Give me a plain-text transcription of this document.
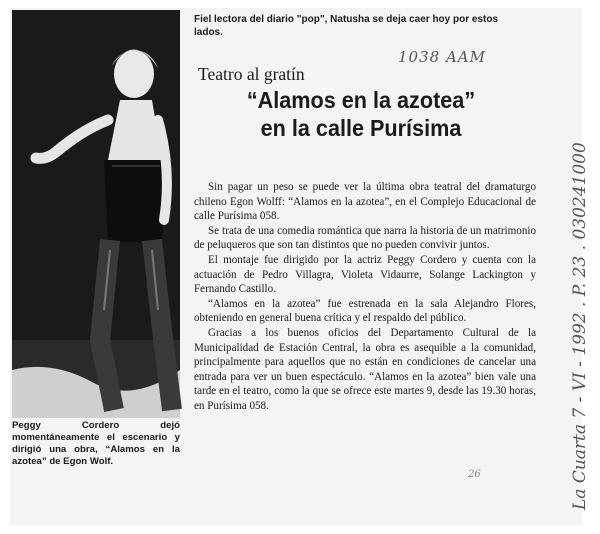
Peggy Cordero dejó momentáneamente el escenario y dirigió una obra, “Alamos en la azotea” de Egon Wolf.
Fiel lectora del diario "pop", Natusha se deja caer hoy por estos lados.
1038 AAM
La Cuarta 7 - VI - 1992 . P. 23 . 030241000
Teatro al gratín
“Alamos en la azotea”
en la calle Purísima

Sin pagar un peso se puede ver la última obra teatral del dramaturgo chileno Egon Wolff: “Alamos en la azotea”, en el Complejo Educacional de calle Purísima 058.

Se trata de una comedia romántica que narra la historia de un matrimonio de peluqueros que son tan distintos que no pueden convivir juntos.

El montaje fue dirigido por la actriz Peggy Cordero y cuenta con la actuación de Pedro Villagra, Violeta Vidaurre, Solange Lackington y Fernando Castillo.

“Alamos en la azotea” fue estrenada en la sala Alejandro Flores, obteniendo en general buena crítica y el respaldo del público.

Gracias a los buenos oficios del Departamento Cultural de la Municipalidad de Estación Central, la obra es asequible a la comunidad, principalmente para aquellos que no están en condiciones de cancelar una entrada para ver un buen espectáculo. “Alamos en la azotea” bien vale una tarde en el teatro, como la que se ofrece este martes 9, desde las 19.30 horas, en Purísima 058.

26
